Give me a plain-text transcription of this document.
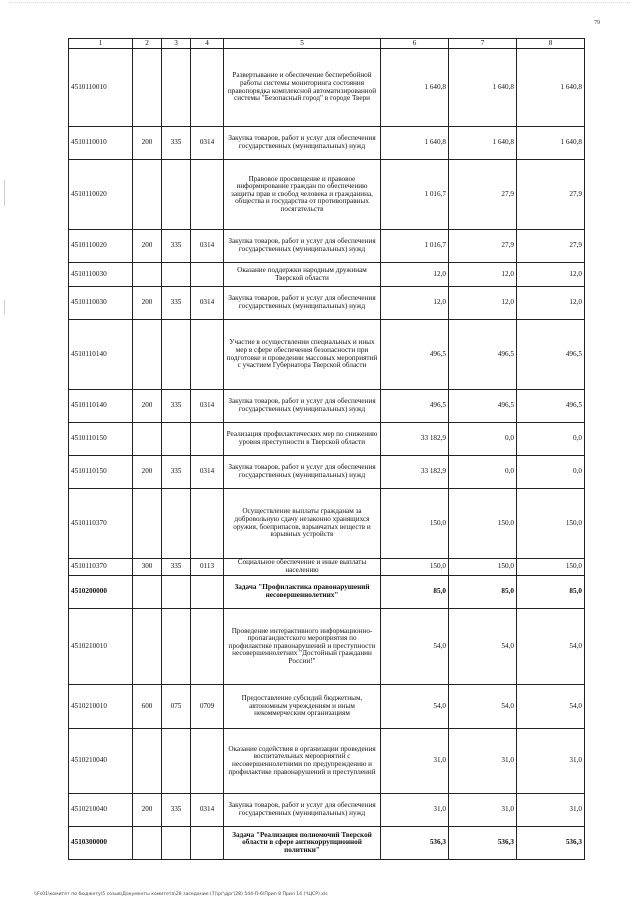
79
1	2	3	4	5	6	7	8
4510110010				Развертывание и обеспечение бесперебойной работы системы мониторинга состояния правопорядка комплексной автоматизированной системы "Безопасный город" в городе Твери	1 640,8	1 640,8	1 640,8
4510110010	200	335	0314	Закупка товаров, работ и услуг для обеспечения государственных (муниципальных) нужд	1 640,8	1 640,8	1 640,8
4510110020				Правовое просвещение и правовое информирование граждан по обеспечению защиты прав и свобод человека и гражданина, общества и государства от противоправных посягательств	1 016,7	27,9	27,9
4510110020	200	335	0314	Закупка товаров, работ и услуг для обеспечения государственных (муниципальных) нужд	1 016,7	27,9	27,9
4510110030				Оказание поддержки народным дружинам Тверской области	12,0	12,0	12,0
4510110030	200	335	0314	Закупка товаров, работ и услуг для обеспечения государственных (муниципальных) нужд	12,0	12,0	12,0
4510110140				Участие в осуществлении специальных и иных мер в сфере обеспечения безопасности при подготовке и проведении массовых мероприятий с участием Губернатора Тверской области	496,5	496,5	496,5
4510110140	200	335	0314	Закупка товаров, работ и услуг для обеспечения государственных (муниципальных) нужд	496,5	496,5	496,5
4510110150				Реализация профилактических мер по снижению уровня преступности в Тверской области	33 182,9	0,0	0,0
4510110150	200	335	0314	Закупка товаров, работ и услуг для обеспечения государственных (муниципальных) нужд	33 182,9	0,0	0,0
4510110370				Осуществление выплаты гражданам за добровольную сдачу незаконно хранящихся оружия, боеприпасов, взрывчатых веществ и взрывных устройств	150,0	150,0	150,0
4510110370	300	335	0113	Социальное обеспечение и иные выплаты населению	150,0	150,0	150,0
4510200000				Задача "Профилактика правонарушений несовершеннолетних"	85,0	85,0	85,0
4510210010				Проведение интерактивного информационно-пропагандистского мероприятия по профилактике правонарушений и преступности несовершеннолетних "Достойный гражданин России!"	54,0	54,0	54,0
4510210010	600	075	0709	Предоставление субсидий бюджетным, автономным учреждениям и иным некоммерческим организациям	54,0	54,0	54,0
4510210040				Оказание содействия в организации проведения воспитательных мероприятий с несовершеннолетними по предупреждению и профилактике правонарушений и преступлений	31,0	31,0	31,0
4510210040	200	335	0314	Закупка товаров, работ и услуг для обеспечения государственных (муниципальных) нужд	31,0	31,0	31,0
4510300000				Задача "Реализация полномочий Тверской области в сфере антикоррупционной политики"	536,3	536,3	536,3
\\Fs01\комитет по бюджету\5 созыв\Документы комитета\28 заседание (7)\рг\дрг(28) 544-П-6\Прил 8 Прил 14 (ЧЦСР).xls
